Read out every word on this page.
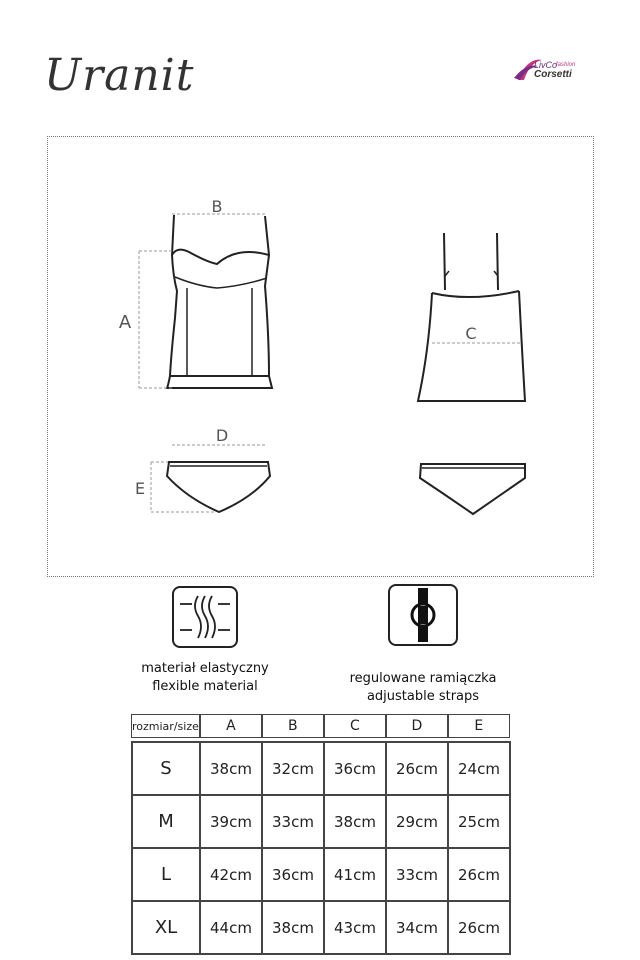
Uranit	LivCo
Corsetti
fashion
B
A
C
D
E
materiał elastyczny
flexible material
regulowane ramiączka
adjustable straps
rozmiar/size	A	B	C	D	E
S	38cm	32cm	36cm	26cm	24cm
M	39cm	33cm	38cm	29cm	25cm
L	42cm	36cm	41cm	33cm	26cm
XL	44cm	38cm	43cm	34cm	26cm
